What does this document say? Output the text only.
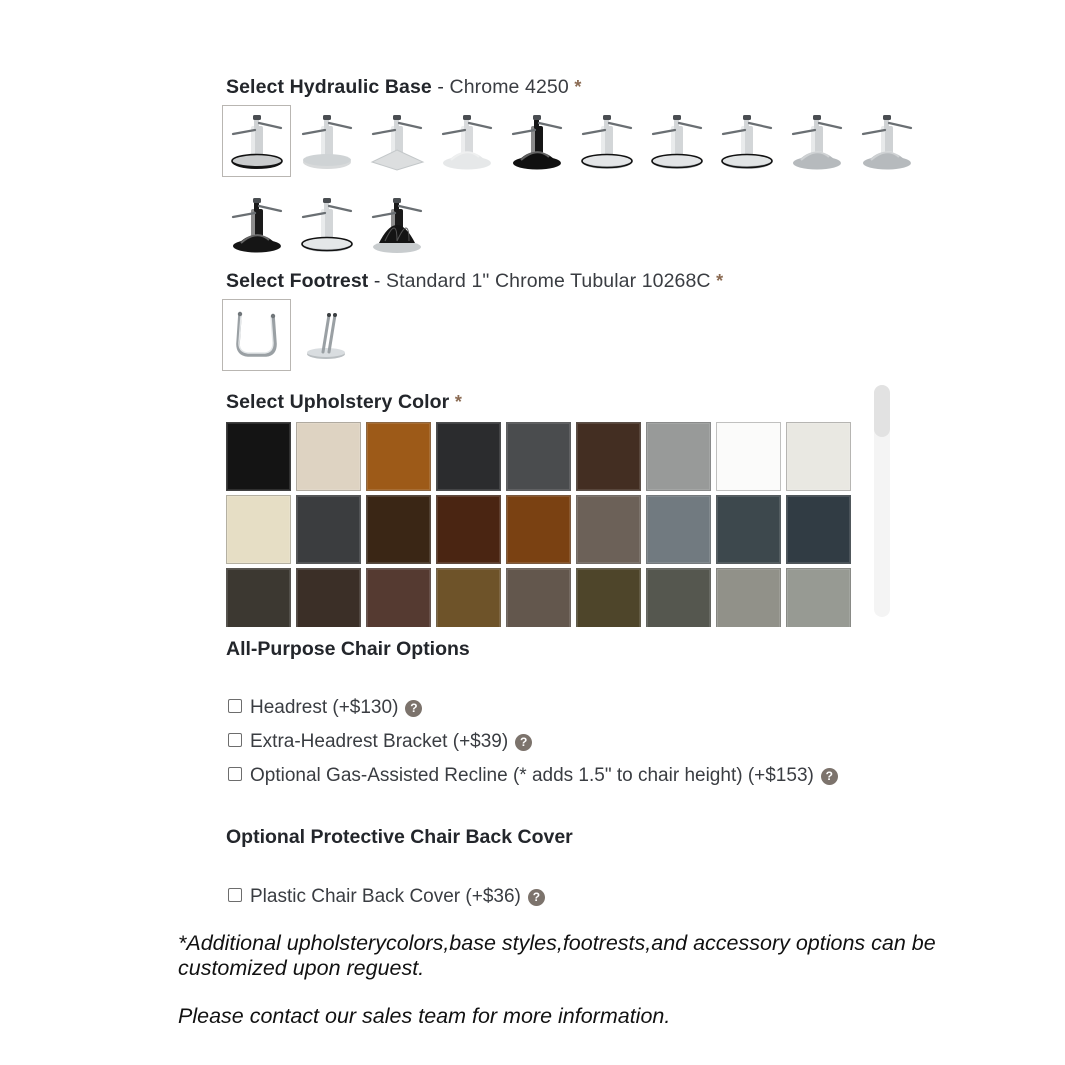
Select Hydraulic Base - Chrome 4250 *
Select Footrest - Standard 1" Chrome Tubular 10268C *
Select Upholstery Color *
All-Purpose Chair Options
Headrest (+$130) ?
Extra-Headrest Bracket (+$39) ?
Optional Gas-Assisted Recline (* adds 1.5" to chair height) (+$153) ?
Optional Protective Chair Back Cover
Plastic Chair Back Cover (+$36) ?
*Additional upholsterycolors,base styles,footrests,and accessory options can be customized upon reguest.
Please contact our sales team for more information.
